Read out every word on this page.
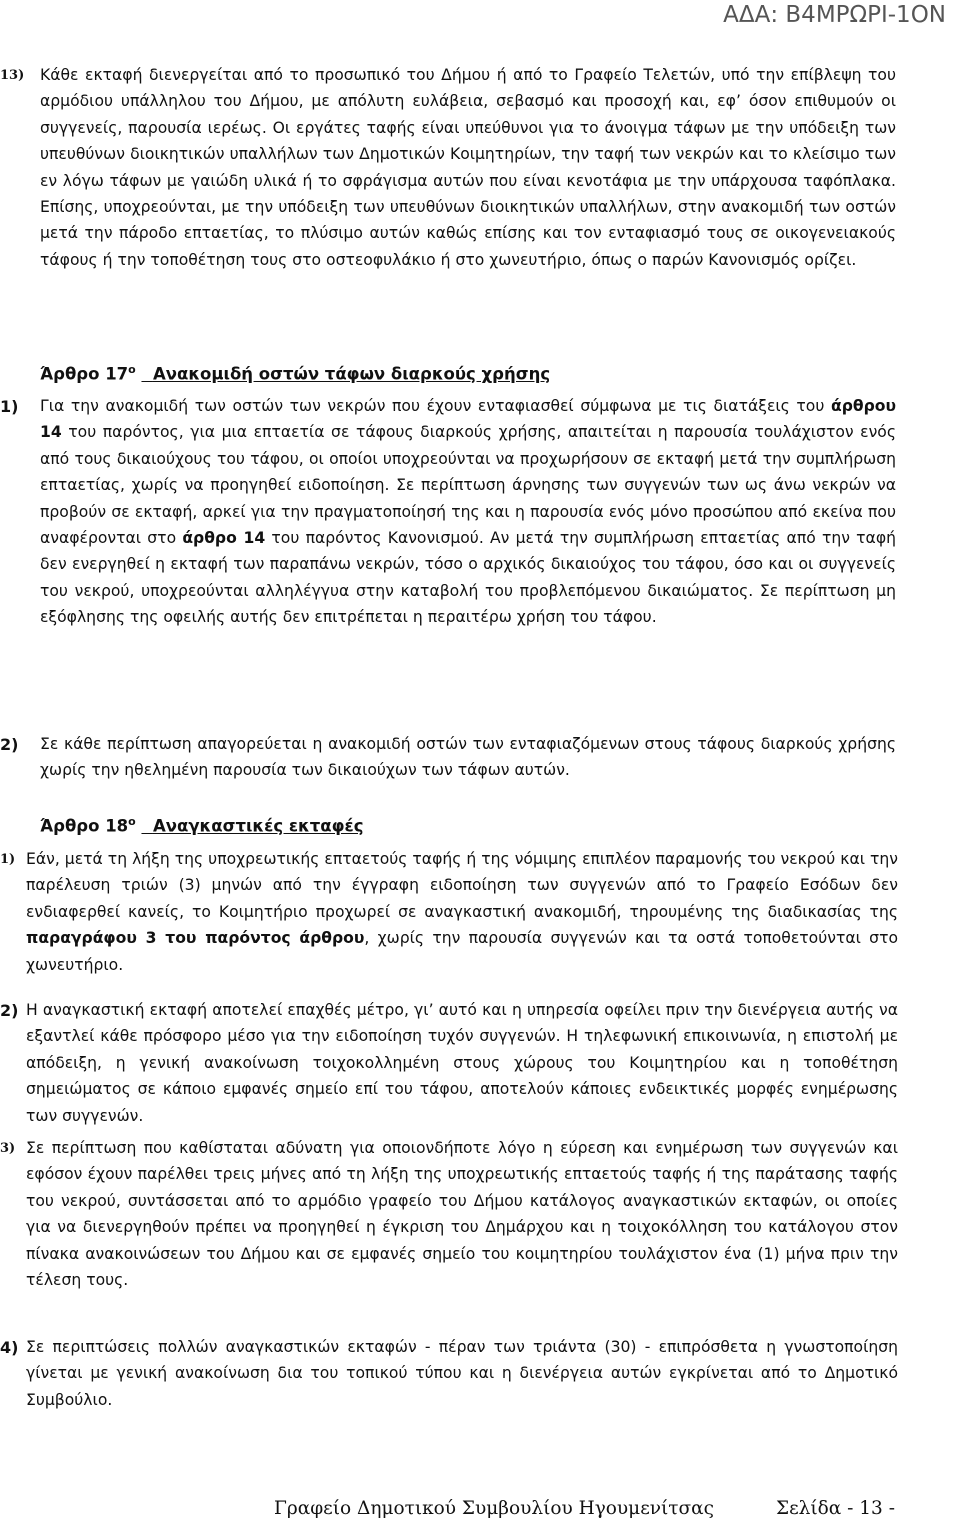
ΑΔΑ: Β4ΜΡΩΡΙ-1ΟΝ
13) Κάθε εκταφή διενεργείται από το προσωπικό του Δήμου ή από το Γραφείο Τελετών, υπό την επίβλεψη του αρμόδιου υπάλληλου του Δήμου, με απόλυτη ευλάβεια, σεβασμό και προσοχή και, εφ’ όσον επιθυμούν οι συγγενείς, παρουσία ιερέως. Οι εργάτες ταφής είναι υπεύθυνοι για το άνοιγμα τάφων με την υπόδειξη των υπευθύνων διοικητικών υπαλλήλων των Δημοτικών Κοιμητηρίων, την ταφή των νεκρών και το κλείσιμο των εν λόγω τάφων με γαιώδη υλικά ή το σφράγισμα αυτών που είναι κενοτάφια με την υπάρχουσα ταφόπλακα. Επίσης, υποχρεούνται, με την υπόδειξη των υπευθύνων διοικητικών υπαλλήλων, στην ανακομιδή των οστών μετά την πάροδο επταετίας, το πλύσιμο αυτών καθώς επίσης και τον ενταφιασμό τους σε οικογενειακούς τάφους ή την τοποθέτηση τους στο οστεοφυλάκιο ή στο χωνευτήριο, όπως ο παρών Κανονισμός ορίζει.

Άρθρο $17^o$ Ανακομιδή οστών τάφων διαρκούς χρήσης
1) Για την ανακομιδή των οστών των νεκρών που έχουν ενταφιασθεί σύμφωνα με τις διατάξεις του άρθρου 14 του παρόντος, για μια επταετία σε τάφους διαρκούς χρήσης, απαιτείται η παρουσία τουλάχιστον ενός από τους δικαιούχους του τάφου, οι οποίοι υποχρεούνται να προχωρήσουν σε εκταφή μετά την συμπλήρωση επταετίας, χωρίς να προηγηθεί ειδοποίηση. Σε περίπτωση άρνησης των συγγενών των ως άνω νεκρών να προβούν σε εκταφή, αρκεί για την πραγματοποίησή της και η παρουσία ενός μόνο προσώπου από εκείνα που αναφέρονται στο άρθρο 14 του παρόντος Κανονισμού. Αν μετά την συμπλήρωση επταετίας από την ταφή δεν ενεργηθεί η εκταφή των παραπάνω νεκρών, τόσο ο αρχικός δικαιούχος του τάφου, όσο και οι συγγενείς του νεκρού, υποχρεούνται αλληλέγγυα στην καταβολή του προβλεπόμενου δικαιώματος. Σε περίπτωση μη εξόφλησης της οφειλής αυτής δεν επιτρέπεται η περαιτέρω χρήση του τάφου.

2) Σε κάθε περίπτωση απαγορεύεται η ανακομιδή οστών των ενταφιαζόμενων στους τάφους διαρκούς χρήσης χωρίς την ηθελημένη παρουσία των δικαιούχων των τάφων αυτών.

Άρθρο $18^o$ Αναγκαστικές εκταφές
1) Εάν, μετά τη λήξη της υποχρεωτικής επταετούς ταφής ή της νόμιμης επιπλέον παραμονής του νεκρού και την παρέλευση τριών (3) μηνών από την έγγραφη ειδοποίηση των συγγενών από το Γραφείο Εσόδων δεν ενδιαφερθεί κανείς, το Κοιμητήριο προχωρεί σε αναγκαστική ανακομιδή, τηρουμένης της διαδικασίας της παραγράφου 3 του παρόντος άρθρου, χωρίς την παρουσία συγγενών και τα οστά τοποθετούνται στο χωνευτήριο.

2) Η αναγκαστική εκταφή αποτελεί επαχθές μέτρο, γι’ αυτό και η υπηρεσία οφείλει πριν την διενέργεια αυτής να εξαντλεί κάθε πρόσφορο μέσο για την ειδοποίηση τυχόν συγγενών. Η τηλεφωνική επικοινωνία, η επιστολή με απόδειξη, η γενική ανακοίνωση τοιχοκολλημένη στους χώρους του Κοιμητηρίου και η τοποθέτηση σημειώματος σε κάποιο εμφανές σημείο επί του τάφου, αποτελούν κάποιες ενδεικτικές μορφές ενημέρωσης των συγγενών.

3) Σε περίπτωση που καθίσταται αδύνατη για οποιονδήποτε λόγο η εύρεση και ενημέρωση των συγγενών και εφόσον έχουν παρέλθει τρεις μήνες από τη λήξη της υποχρεωτικής επταετούς ταφής ή της παράτασης ταφής του νεκρού, συντάσσεται από το αρμόδιο γραφείο του Δήμου κατάλογος αναγκαστικών εκταφών, οι οποίες για να διενεργηθούν πρέπει να προηγηθεί η έγκριση του Δημάρχου και η τοιχοκόλληση του κατάλογου στον πίνακα ανακοινώσεων του Δήμου και σε εμφανές σημείο του κοιμητηρίου τουλάχιστον ένα (1) μήνα πριν την τέλεση τους.

4) Σε περιπτώσεις πολλών αναγκαστικών εκταφών - πέραν των τριάντα (30) - επιπρόσθετα η γνωστοποίηση γίνεται με γενική ανακοίνωση δια του τοπικού τύπου και η διενέργεια αυτών εγκρίνεται από το Δημοτικό Συμβούλιο.

Γραφείο Δημοτικού Συμβουλίου Ηγουμενίτσας	Σελίδα - 13 -
